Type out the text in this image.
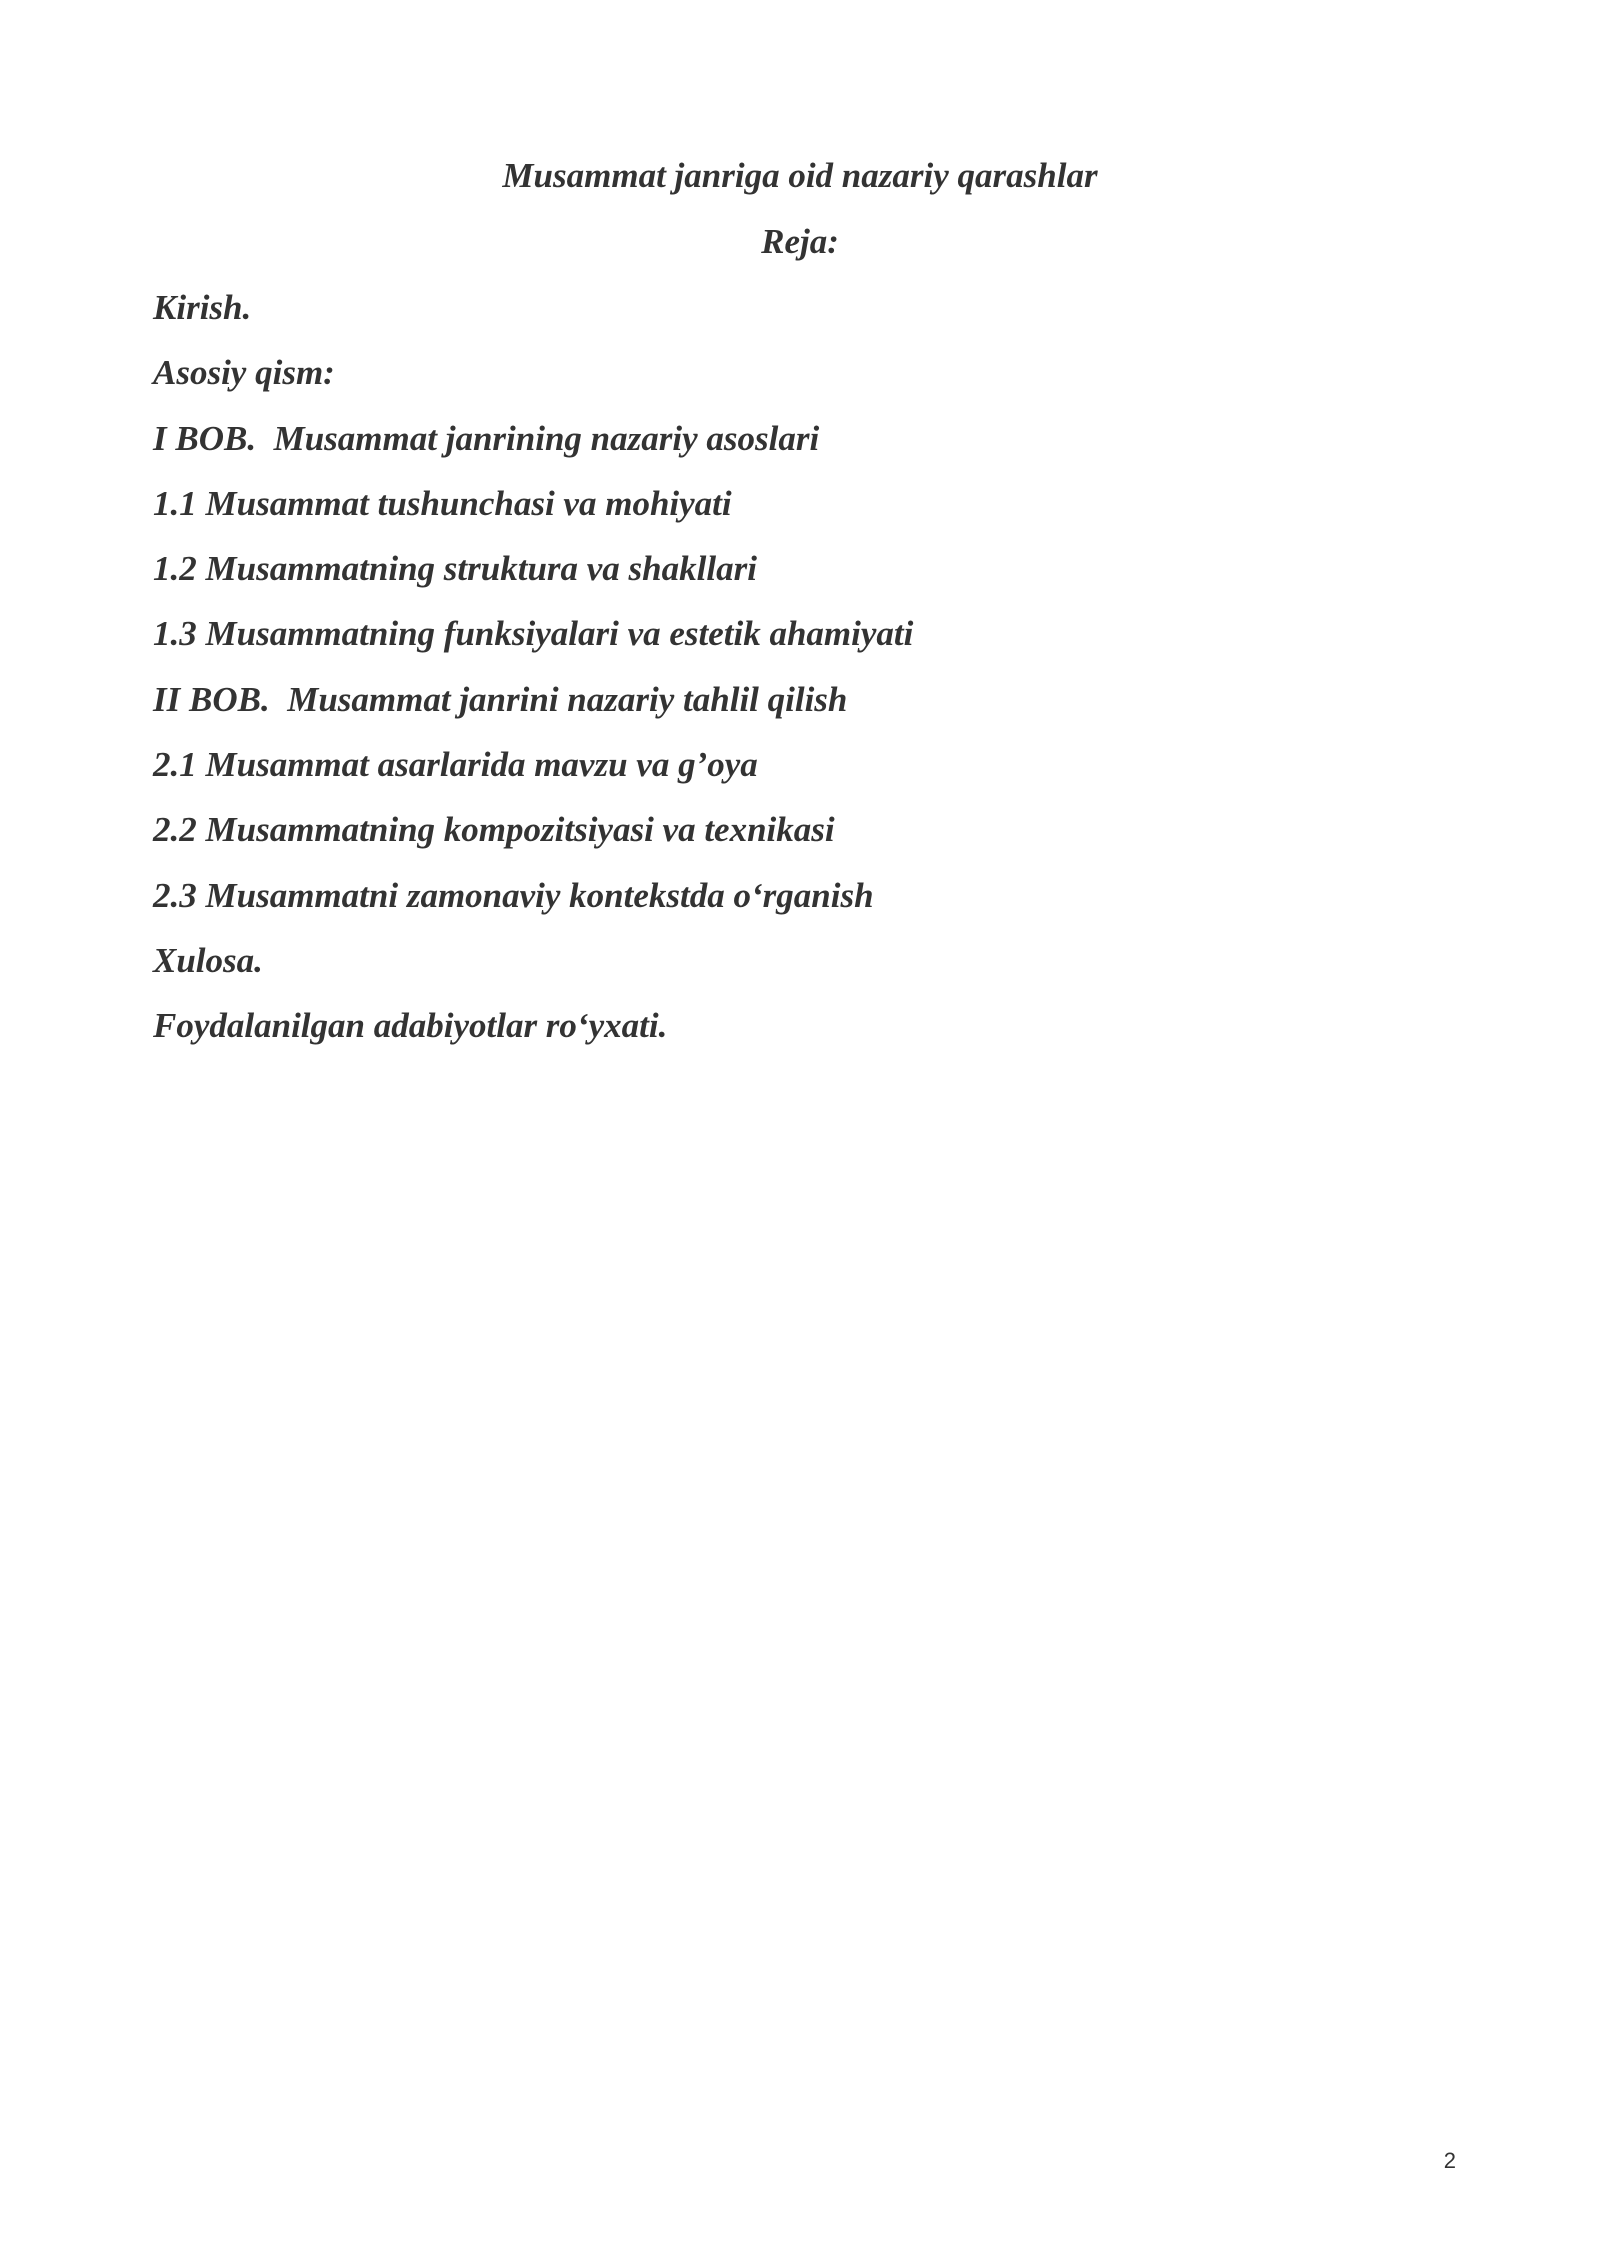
Musammat janriga oid nazariy qarashlar
Reja:
Kirish.
Asosiy qism:
I BOB.  Musammat janrining nazariy asoslari
1.1 Musammat tushunchasi va mohiyati
1.2 Musammatning struktura va shakllari
1.3 Musammatning funksiyalari va estetik ahamiyati
II BOB.  Musammat janrini nazariy tahlil qilish
2.1 Musammat asarlarida mavzu va g’oya
2.2 Musammatning kompozitsiyasi va texnikasi
2.3 Musammatni zamonaviy kontekstda o‘rganish
Xulosa.
Foydalanilgan adabiyotlar ro‘yxati.
2
